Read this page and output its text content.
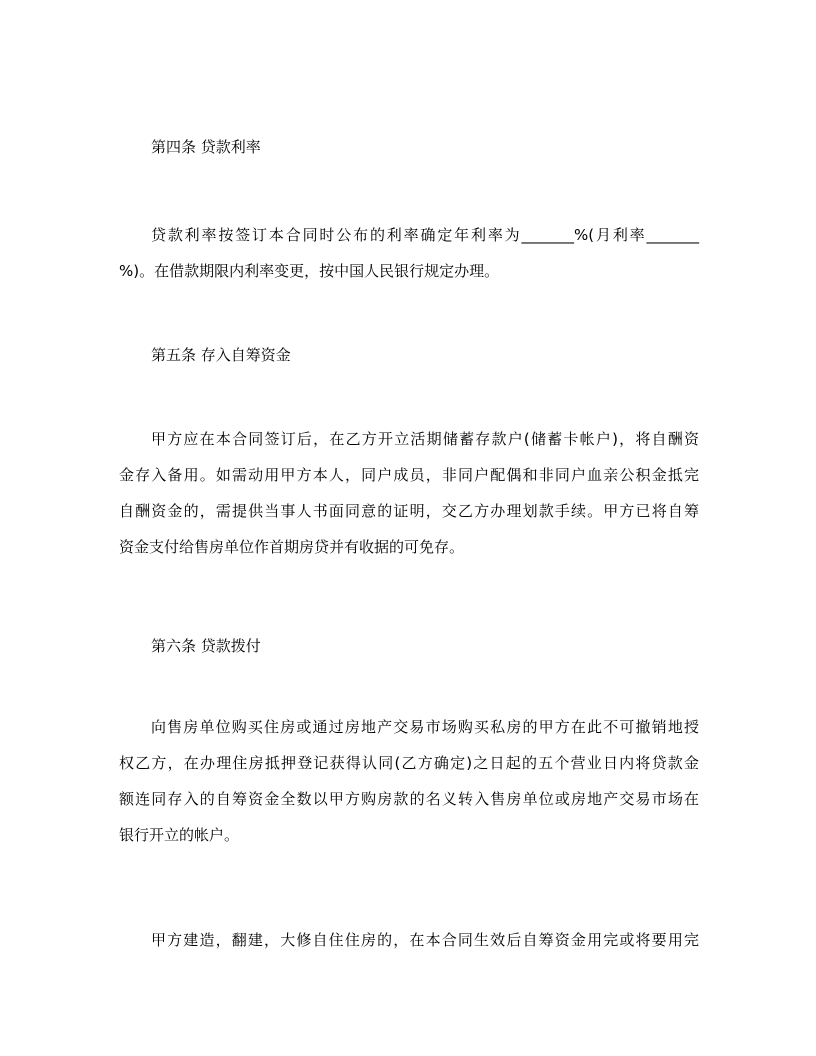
第四条 贷款利率
贷款利率按签订本合同时公布的利率确定年利率为_______%(月利率_______
%)。在借款期限内利率变更，按中国人民银行规定办理。
第五条 存入自筹资金
甲方应在本合同签订后，在乙方开立活期储蓄存款户(储蓄卡帐户)，将自酬资
金存入备用。如需动用甲方本人，同户成员，非同户配偶和非同户血亲公积金抵完
自酬资金的，需提供当事人书面同意的证明，交乙方办理划款手续。甲方已将自筹
资金支付给售房单位作首期房贷并有收据的可免存。
第六条 贷款拨付
向售房单位购买住房或通过房地产交易市场购买私房的甲方在此不可撤销地授
权乙方，在办理住房抵押登记获得认同(乙方确定)之日起的五个营业日内将贷款金
额连同存入的自筹资金全数以甲方购房款的名义转入售房单位或房地产交易市场在
银行开立的帐户。
甲方建造，翻建，大修自住住房的，在本合同生效后自筹资金用完或将要用完
